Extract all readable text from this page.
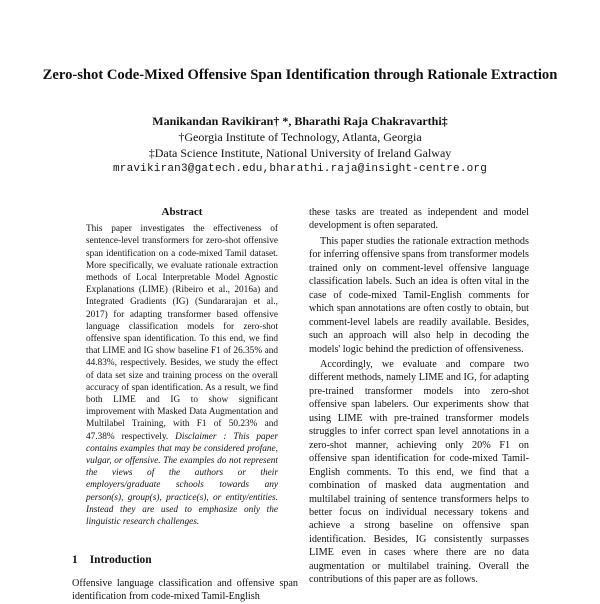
Zero-shot Code-Mixed Offensive Span Identification through Rationale Extraction
Manikandan Ravikiran† *, Bharathi Raja Chakravarthi‡
†Georgia Institute of Technology, Atlanta, Georgia
‡Data Science Institute, National University of Ireland Galway
mravikiran3@gatech.edu,bharathi.raja@insight-centre.org
Abstract

This paper investigates the effectiveness of sentence-level transformers for zero-shot offensive span identification on a code-mixed Tamil dataset. More specifically, we evaluate rationale extraction methods of Local Interpretable Model Agnostic Explanations (LIME) (Ribeiro et al., 2016a) and Integrated Gradients (IG) (Sundararajan et al., 2017) for adapting transformer based offensive language classification models for zero-shot offensive span identification. To this end, we find that LIME and IG show baseline F1 of 26.35% and 44.83%, respectively. Besides, we study the effect of data set size and training process on the overall accuracy of span identification. As a result, we find both LIME and IG to show significant improvement with Masked Data Augmentation and Multilabel Training, with F1 of 50.23% and 47.38% respectively. Disclaimer : This paper contains examples that may be considered profane, vulgar, or offensive. The examples do not represent the views of the authors or their employers/graduate schools towards any person(s), group(s), practice(s), or entity/entities. Instead they are used to emphasize only the linguistic research challenges.

1 Introduction

Offensive language classification and offensive span identification from code-mixed Tamil-English

these tasks are treated as independent and model development is often separated.

This paper studies the rationale extraction methods for inferring offensive spans from transformer models trained only on comment-level offensive language classification labels. Such an idea is often vital in the case of code-mixed Tamil-English comments for which span annotations are often costly to obtain, but comment-level labels are readily available. Besides, such an approach will also help in decoding the models' logic behind the prediction of offensiveness.

Accordingly, we evaluate and compare two different methods, namely LIME and IG, for adapting pre-trained transformer models into zero-shot offensive span labelers. Our experiments show that using LIME with pre-trained transformer models struggles to infer correct span level annotations in a zero-shot manner, achieving only 20% F1 on offensive span identification for code-mixed Tamil-English comments. To this end, we find that a combination of masked data augmentation and multilabel training of sentence transformers helps to better focus on individual necessary tokens and achieve a strong baseline on offensive span identification. Besides, IG consistently surpasses LIME even in cases where there are no data augmentation or multilabel training. Overall the contributions of this paper are as follows.
